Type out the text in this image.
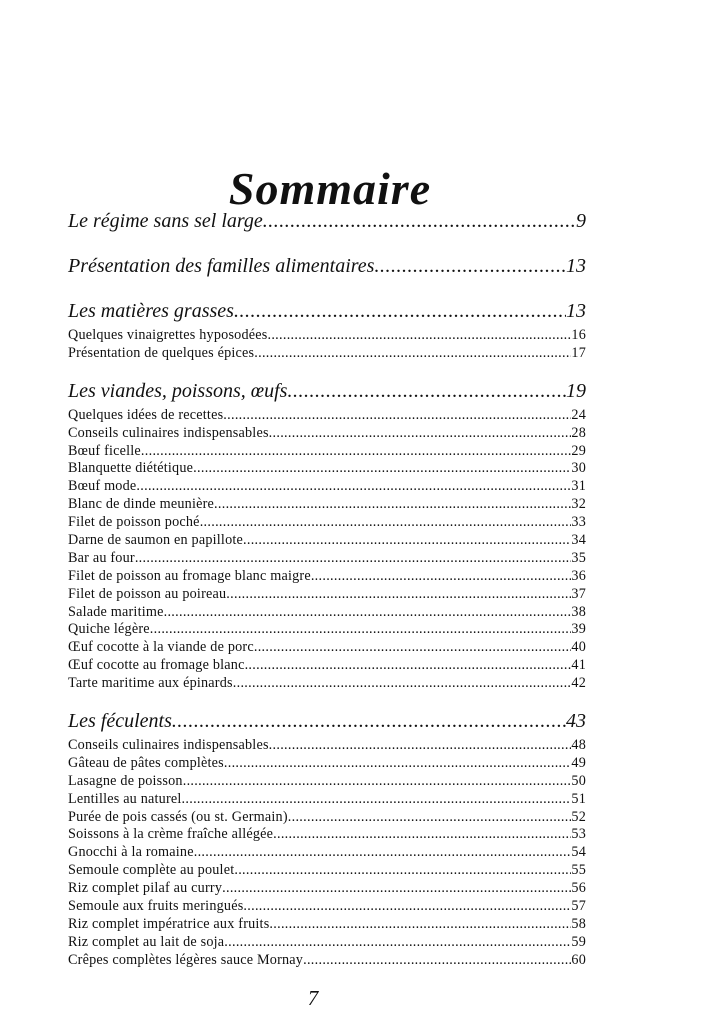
Sommaire
Le régime sans sel large .....	9
Présentation des familles alimentaires .....	13
Les matières grasses .....	13
Quelques vinaigrettes hyposodées .....	16
Présentation de quelques épices .....	17
Les viandes, poissons, œufs .....	19
Quelques idées de recettes .....	24
Conseils culinaires indispensables .....	28
Bœuf ficelle .....	29
Blanquette diététique .....	30
Bœuf mode .....	31
Blanc de dinde meunière .....	32
Filet de poisson poché .....	33
Darne de saumon en papillote .....	34
Bar au four .....	35
Filet de poisson au fromage blanc maigre .....	36
Filet de poisson au poireau .....	37
Salade maritime .....	38
Quiche légère .....	39
Œuf cocotte à la viande de porc .....	40
Œuf cocotte au fromage blanc .....	41
Tarte maritime aux épinards .....	42
Les féculents .....	43
Conseils culinaires indispensables .....	48
Gâteau de pâtes complètes .....	49
Lasagne de poisson .....	50
Lentilles au naturel .....	51
Purée de pois cassés (ou st. Germain) .....	52
Soissons à la crème fraîche allégée .....	53
Gnocchi à la romaine .....	54
Semoule complète au poulet .....	55
Riz complet pilaf au curry .....	56
Semoule aux fruits meringués .....	57
Riz complet impératrice aux fruits .....	58
Riz complet au lait de soja .....	59
Crêpes complètes légères sauce Mornay .....	60
7
